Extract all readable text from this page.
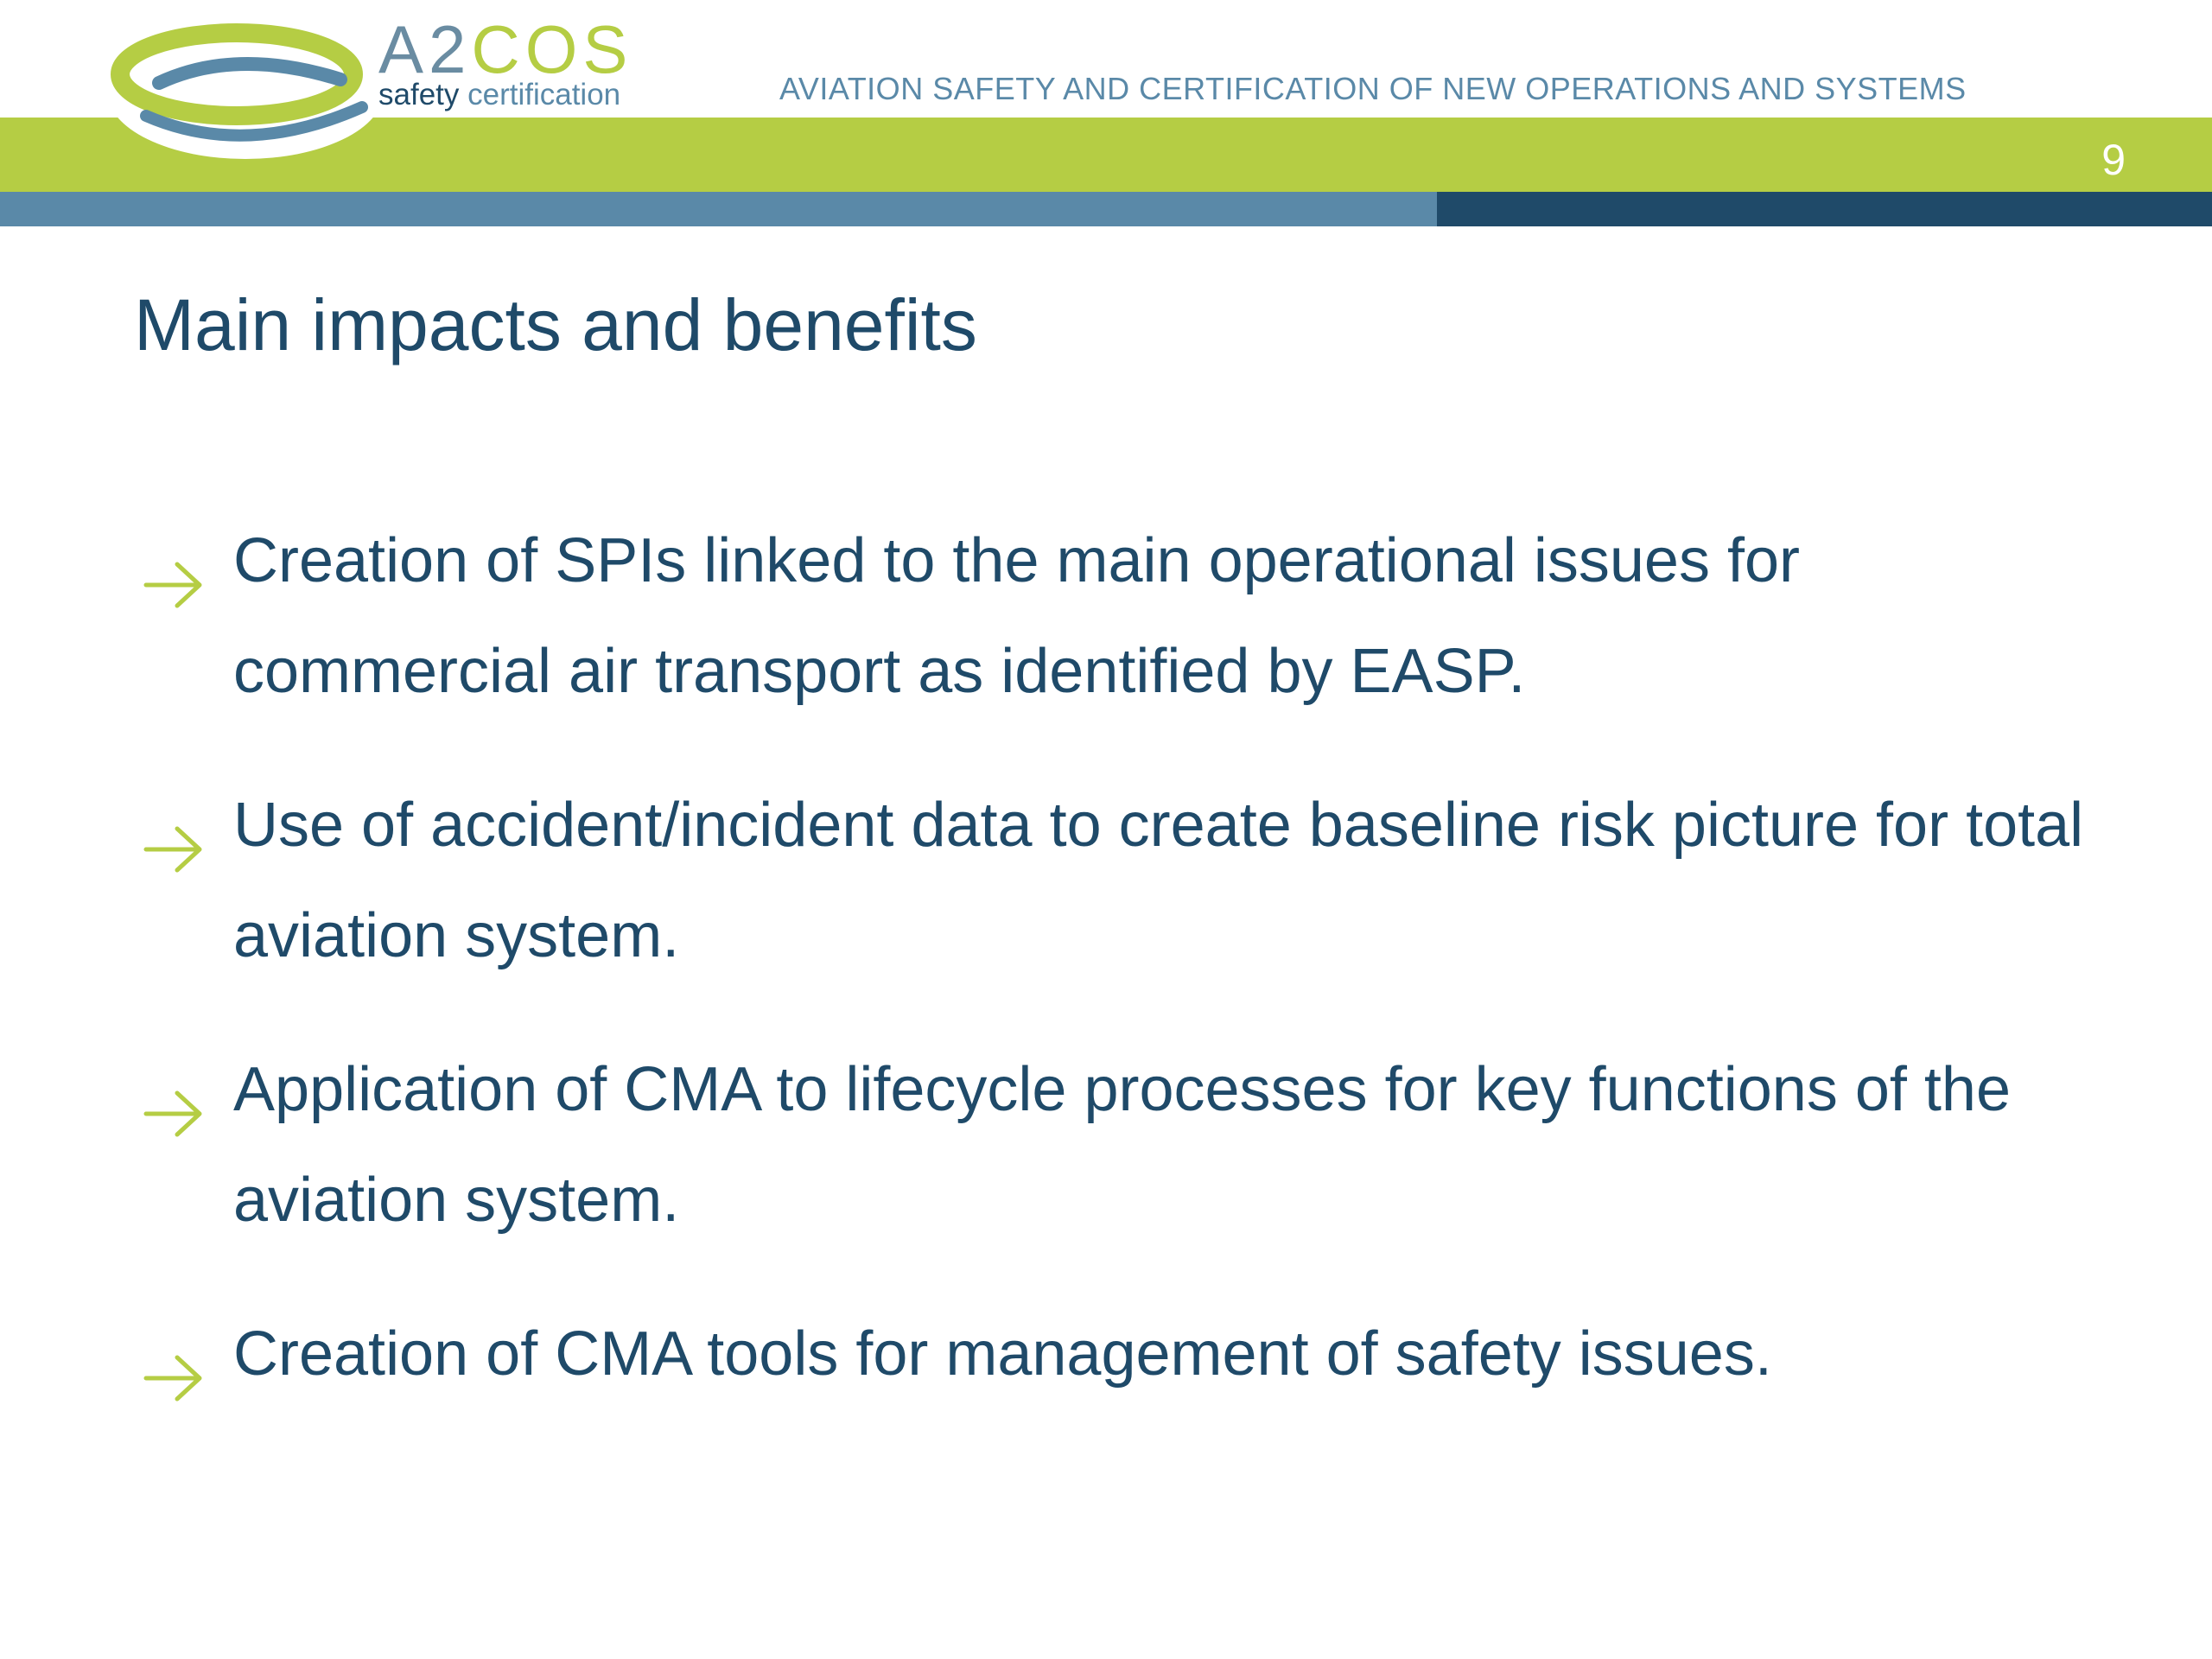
A2COS
safety certification	AVIATION SAFETY AND CERTIFICATION OF NEW OPERATIONS AND SYSTEMS
9
Main impacts and benefits
Creation of SPIs linked to the main operational issues for commercial air transport as identified by EASP.
Use of accident/incident data to create baseline risk picture for total aviation system.
Application of CMA to lifecycle processes for key functions of the aviation system.
Creation of CMA tools for management of safety issues.
